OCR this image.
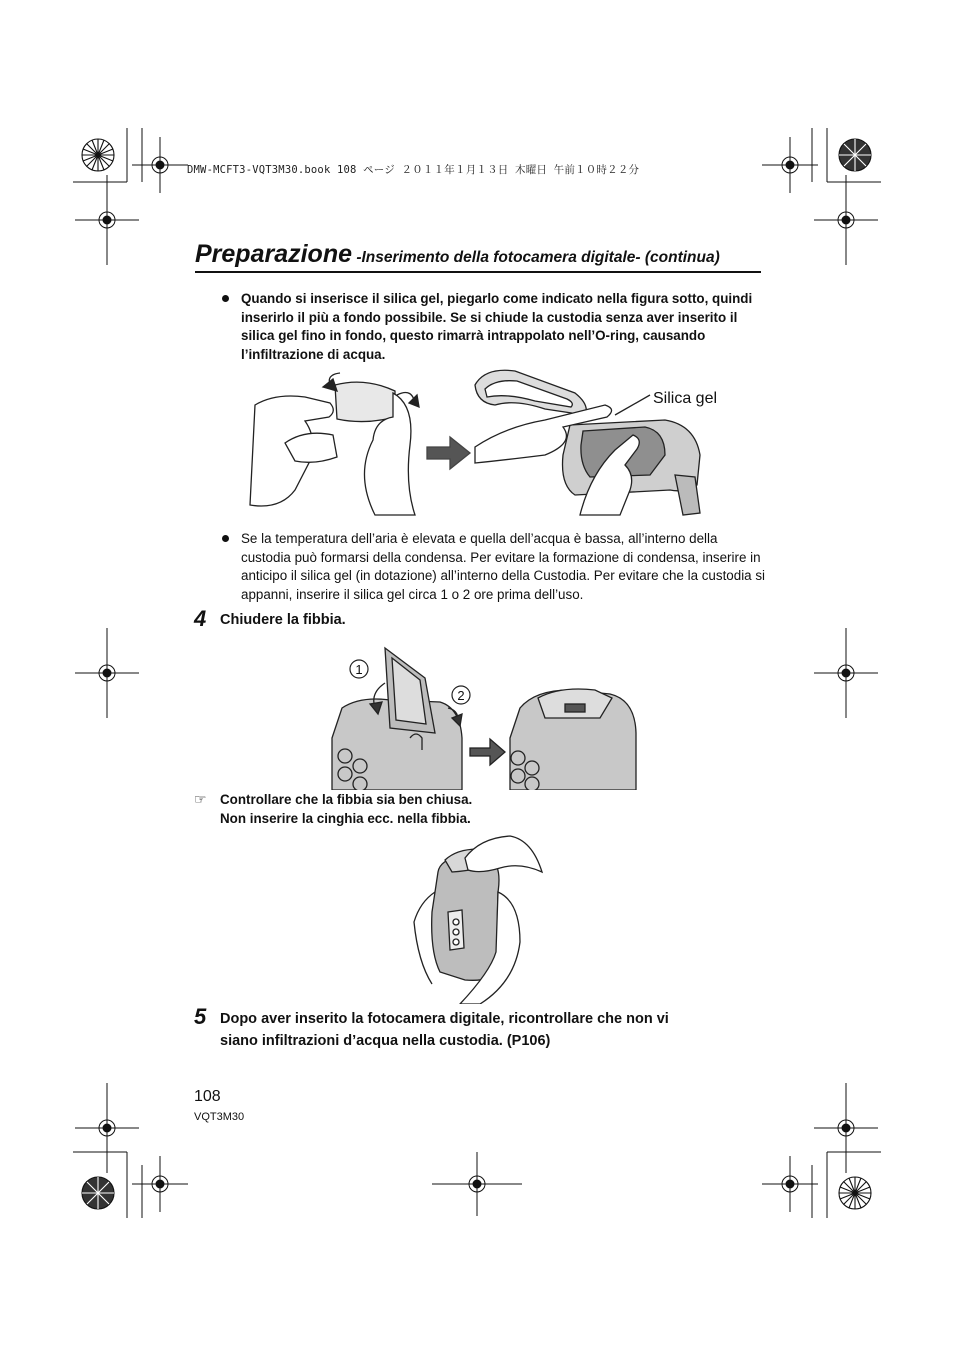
DMW-MCFT3-VQT3M30.book 108 ページ ２０１１年１月１３日 木曜日 午前１０時２２分
Preparazione -Inserimento della fotocamera digitale- (continua)
Quando si inserisce il silica gel, piegarlo come indicato nella figura sotto, quindi inserirlo il più a fondo possibile. Se si chiude la custodia senza aver inserito il silica gel fino in fondo, questo rimarrà intrappolato nell’O-ring, causando l’infiltrazione di acqua.
Silica gel
Se la temperatura dell’aria è elevata e quella dell’acqua è bassa, all’interno della custodia può formarsi della condensa. Per evitare la formazione di condensa, inserire in anticipo il silica gel (in dotazione) all’interno della Custodia. Per evitare che la custodia si appanni, inserire il silica gel circa 1 o 2 ore prima dell’uso.
4 Chiudere la fibbia.
1
2
☞ Controllare che la fibbia sia ben chiusa.
Non inserire la cinghia ecc. nella fibbia.
5 Dopo aver inserito la fotocamera digitale, ricontrollare che non vi
siano infiltrazioni d’acqua nella custodia. (P106)
108
VQT3M30
